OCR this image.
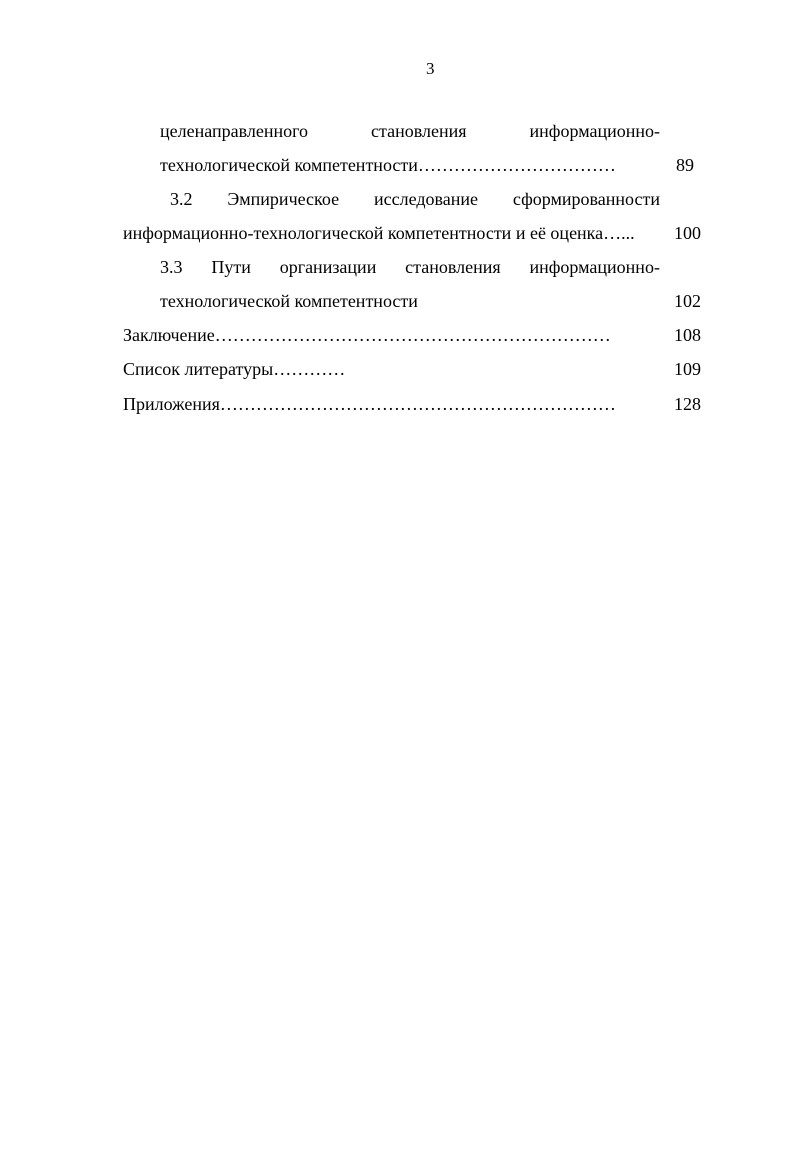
3
целенаправленного	становления	информационно-
технологической компетентности……………………………	89
3.2 Эмпирическое исследование сформированности
информационно-технологической компетентности и её оценка…... 100
3.3 Пути организации становления информационно-
технологической компетентности	102
Заключение…………………………………………………………	108
Список литературы…………	109
Приложения…………………………………………………………	128
